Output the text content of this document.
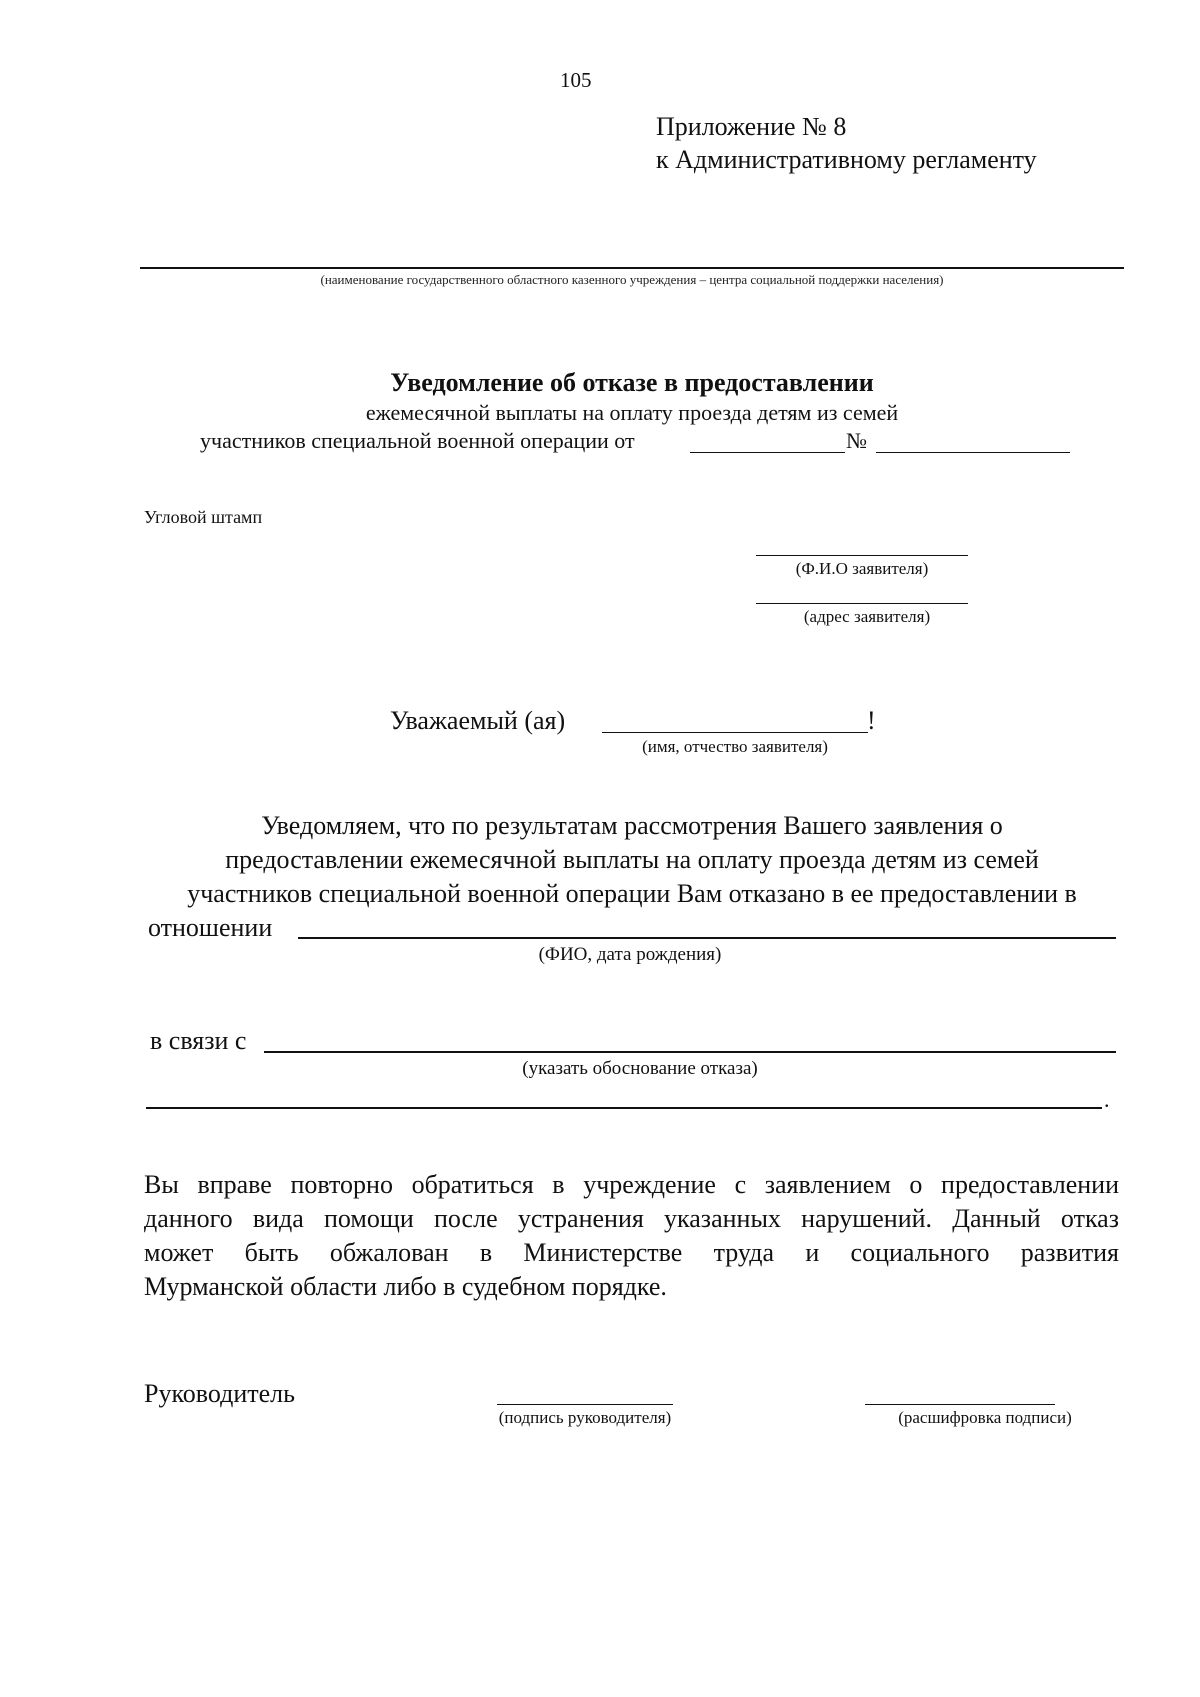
105
Приложение № 8
к Административному регламенту
(наименование государственного областного казенного учреждения – центра социальной поддержки населения)
Уведомление об отказе в предоставлении
ежемесячной выплаты на оплату проезда детям из семей
участников специальной военной операции от	№
Угловой штамп
(Ф.И.О заявителя)
(адрес заявителя)
Уважаемый (ая)	!
(имя, отчество заявителя)
Уведомляем, что по результатам рассмотрения Вашего заявления о
предоставлении ежемесячной выплаты на оплату проезда детям из семей
участников специальной военной операции Вам отказано в ее предоставлении в
отношении
(ФИО, дата рождения)
в связи с
(указать обоснование отказа)
.
Вы вправе повторно обратиться в учреждение с заявлением о предоставлении
данного вида помощи после устранения указанных нарушений. Данный отказ
может быть обжалован в Министерстве труда и социального развития
Мурманской области либо в судебном порядке.
Руководитель
(подпись руководителя)	(расшифровка подписи)
